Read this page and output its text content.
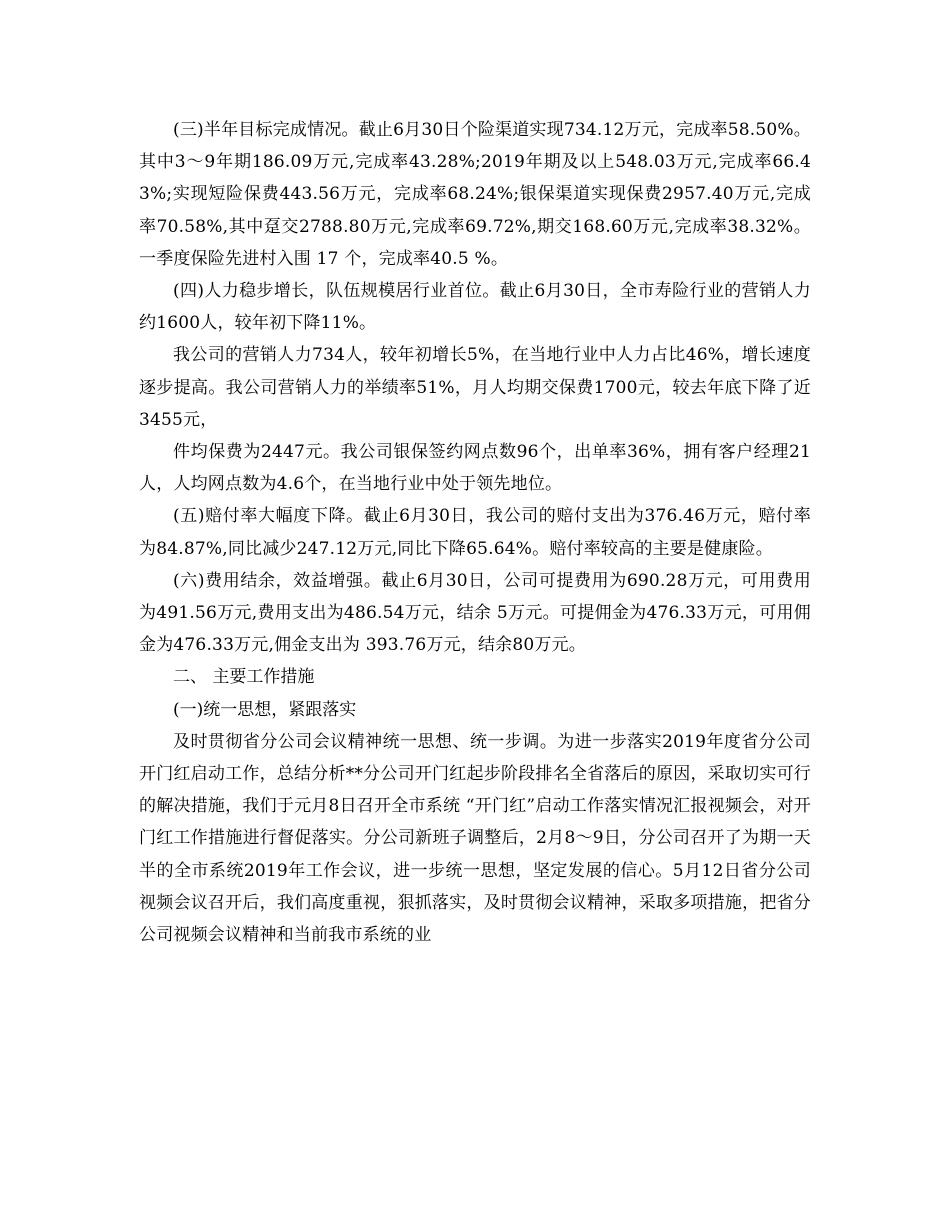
(三)半年目标完成情况。截止6月30日个险渠道实现734.12万元，完成率58.50%。其中3～9年期186.09万元,完成率43.28%;2019年期及以上548.03万元,完成率66.43%;实现短险保费443.56万元，完成率68.24%;银保渠道实现保费2957.40万元,完成率70.58%,其中趸交2788.80万元,完成率69.72%,期交168.60万元,完成率38.32%。一季度保险先进村入围 17 个，完成率40.5 %。

(四)人力稳步增长，队伍规模居行业首位。截止6月30日，全市寿险行业的营销人力约1600人，较年初下降11%。

我公司的营销人力734人，较年初增长5%，在当地行业中人力占比46%，增长速度逐步提高。我公司营销人力的举绩率51%，月人均期交保费1700元，较去年底下降了近3455元，

件均保费为2447元。我公司银保签约网点数96个，出单率36%，拥有客户经理21人，人均网点数为4.6个，在当地行业中处于领先地位。

(五)赔付率大幅度下降。截止6月30日，我公司的赔付支出为376.46万元，赔付率为84.87%,同比减少247.12万元,同比下降65.64%。赔付率较高的主要是健康险。

(六)费用结余，效益增强。截止6月30日，公司可提费用为690.28万元，可用费用为491.56万元,费用支出为486.54万元，结余 5万元。可提佣金为476.33万元，可用佣金为476.33万元,佣金支出为 393.76万元，结余80万元。

二、 主要工作措施

(一)统一思想，紧跟落实

及时贯彻省分公司会议精神统一思想、统一步调。为进一步落实2019年度省分公司开门红启动工作，总结分析**分公司开门红起步阶段排名全省落后的原因，采取切实可行的解决措施，我们于元月8日召开全市系统 “开门红”启动工作落实情况汇报视频会，对开门红工作措施进行督促落实。分公司新班子调整后，2月8～9日，分公司召开了为期一天半的全市系统2019年工作会议，进一步统一思想，坚定发展的信心。5月12日省分公司视频会议召开后，我们高度重视，狠抓落实，及时贯彻会议精神，采取多项措施，把省分公司视频会议精神和当前我市系统的业
